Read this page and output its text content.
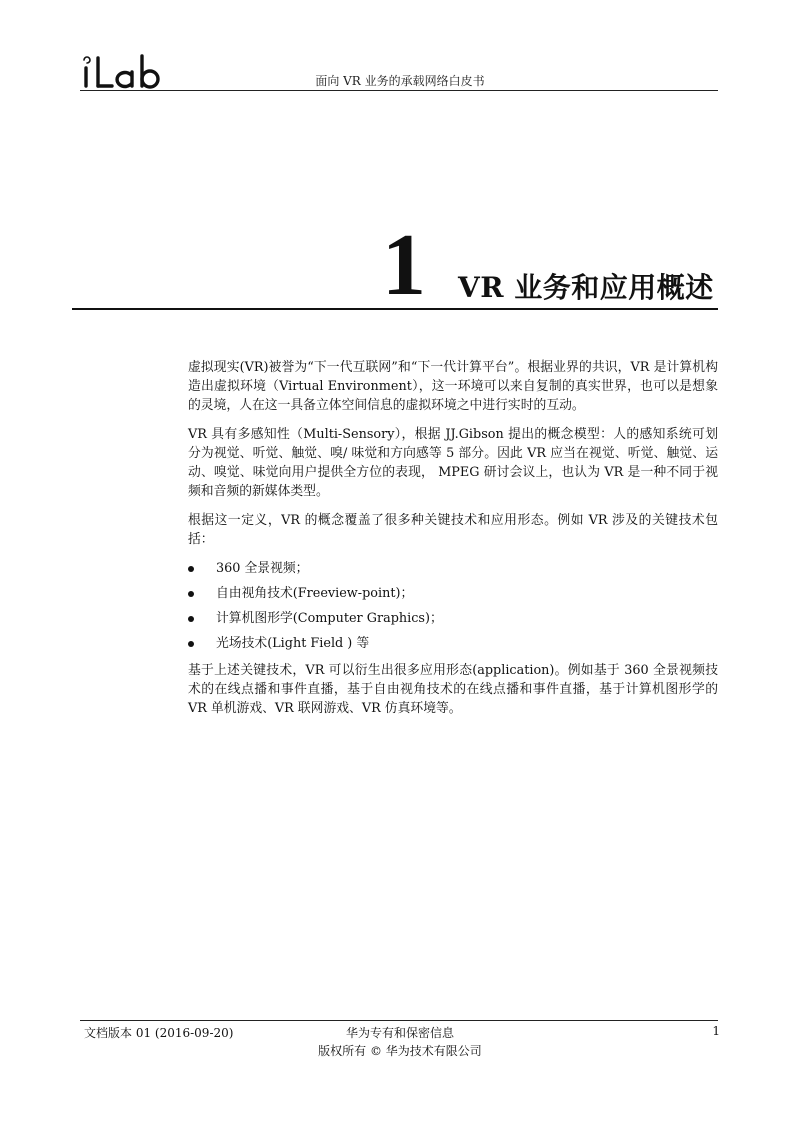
面向 VR 业务的承载网络白皮书
1 VR 业务和应用概述

虚拟现实(VR)被誉为“下一代互联网”和“下一代计算平台”。根据业界的共识，VR 是计算机构造出虚拟环境（Virtual Environment），这一环境可以来自复制的真实世界，也可以是想象的灵境，人在这一具备立体空间信息的虚拟环境之中进行实时的互动。

VR 具有多感知性（Multi-Sensory），根据 JJ.Gibson 提出的概念模型：人的感知系统可划分为视觉、听觉、触觉、嗅/ 味觉和方向感等 5 部分。因此 VR 应当在视觉、听觉、触觉、运动、嗅觉、味觉向用户提供全方位的表现， MPEG 研讨会议上，也认为 VR 是一种不同于视频和音频的新媒体类型。

根据这一定义，VR 的概念覆盖了很多种关键技术和应用形态。例如 VR 涉及的关键技术包括：

360 全景视频；
自由视角技术(Freeview-point)；
计算机图形学(Computer Graphics)；
光场技术(Light Field ) 等

基于上述关键技术，VR 可以衍生出很多应用形态(application)。例如基于 360 全景视频技术的在线点播和事件直播，基于自由视角技术的在线点播和事件直播，基于计算机图形学的 VR 单机游戏、VR 联网游戏、VR 仿真环境等。

文档版本 01 (2016-09-20)	华为专有和保密信息
版权所有 © 华为技术有限公司
1
